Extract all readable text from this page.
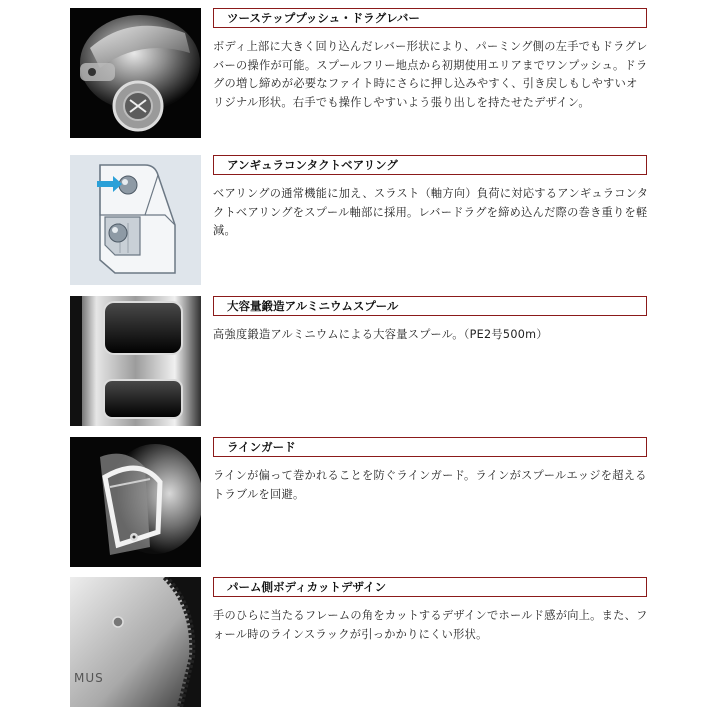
ツーステッププッシュ・ドラグレバー

ボディ上部に大きく回り込んだレバー形状により、パーミング側の左手でもドラグレバーの操作が可能。スプールフリー地点から初期使用エリアまでワンプッシュ。ドラグの増し締めが必要なファイト時にさらに押し込みやすく、引き戻しもしやすいオリジナル形状。右手でも操作しやすいよう張り出しを持たせたデザイン。

アンギュラコンタクトベアリング

ベアリングの通常機能に加え、スラスト（軸方向）負荷に対応するアンギュラコンタクトベアリングをスプール軸部に採用。レバードラグを締め込んだ際の巻き重りを軽減。

大容量鍛造アルミニウムスプール

高強度鍛造アルミニウムによる大容量スプール。（PE2号500m）

ラインガード

ラインが偏って巻かれることを防ぐラインガード。ラインがスプールエッジを超えるトラブルを回避。

MUS
パーム側ボディカットデザイン

手のひらに当たるフレームの角をカットするデザインでホールド感が向上。また、フォール時のラインスラックが引っかかりにくい形状。
